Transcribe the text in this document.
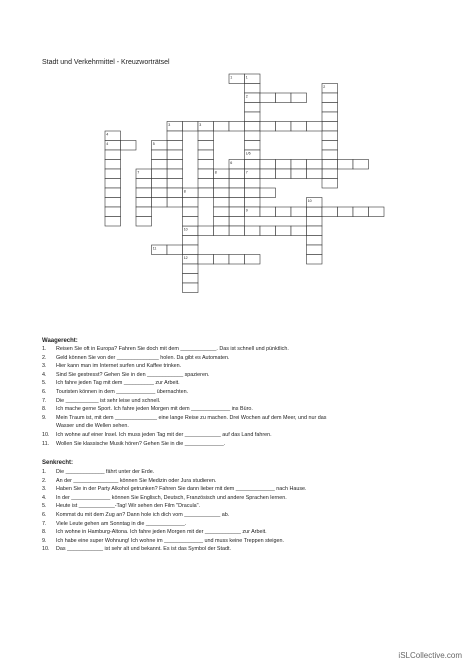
Stadt und Verkehrmittel - Kreuzworträtsel
1	1
2
2
3	3
4
4	5
L/6
6
7	8	7
8
10
9
10
11
12
Waagerecht:
1. Reisen Sie oft in Europa? Fahren Sie doch mit dem ____________. Das ist schnell und pünktlich.
2. Geld können Sie von der ______________ holen. Da gibt es Automaten.
3. Hier kann man im Internet surfen und Kaffee trinken.
4. Sind Sie gestresst? Gehen Sie in den ____________ spazieren.
5. Ich fahre jeden Tag mit dem __________ zur Arbeit.
6. Touristen können in dem _____________ übernachten.
7. Die ___________ ist sehr leise und schnell.
8. Ich mache gerne Sport. Ich fahre jeden Morgen mit dem _____________ ins Büro.
9. Mein Traum ist, mit dem ______________ eine lange Reise zu machen. Drei Wochen auf dem Meer, und nur das
Wasser und die Wellen sehen.
10. Ich wohne auf einer Insel. Ich muss jeden Tag mit der ____________ auf das Land fahren.
11. Wollen Sie klassische Musik hören? Gehen Sie in die _____________.
Senkrecht:
1. Die _____________ fährt unter der Erde.
2. An der _______________ können Sie Medizin oder Jura studieren.
3. Haben Sie in der Party Alkohol getrunken? Fahren Sie dann lieber mit dem _____________ nach Hause.
4. In der _____________ können Sie Englisch, Deutsch, Französisch und andere Sprachen lernen.
5. Heute ist ____________-Tag! Wir sehen den Film "Dracula".
6. Kommst du mit dem Zug an? Dann hole ich dich vom ____________ ab.
7. Viele Leute gehen am Sonntag in die _____________.
8. Ich wohne in Hamburg-Altona. Ich fahre jeden Morgen mit der ____________ zur Arbeit.
9. Ich habe eine super Wohnung! Ich wohne im _____________ und muss keine Treppen steigen.
10. Das ____________ ist sehr alt und bekannt. Es ist das Symbol der Stadt.
iSLCollective.com
